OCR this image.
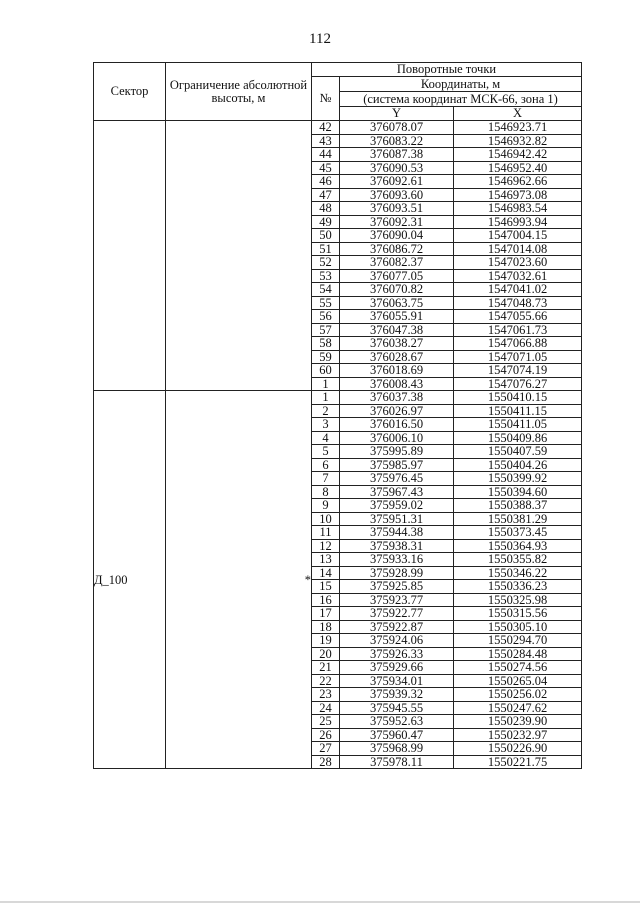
112
Сектор	Ограничение абсолютной высоты, м	Поворотные точки		
		№	Координаты, м	
			(система координат МСК-66, зона 1)	
			Y	X
		42	376078.07	1546923.71
		43	376083.22	1546932.82
		44	376087.38	1546942.42
		45	376090.53	1546952.40
		46	376092.61	1546962.66
		47	376093.60	1546973.08
		48	376093.51	1546983.54
		49	376092.31	1546993.94
		50	376090.04	1547004.15
		51	376086.72	1547014.08
		52	376082.37	1547023.60
		53	376077.05	1547032.61
		54	376070.82	1547041.02
		55	376063.75	1547048.73
		56	376055.91	1547055.66
		57	376047.38	1547061.73
		58	376038.27	1547066.88
		59	376028.67	1547071.05
		60	376018.69	1547074.19
		1	376008.43	1547076.27
Д_100	*	1	376037.38	1550410.15
		2	376026.97	1550411.15
		3	376016.50	1550411.05
		4	376006.10	1550409.86
		5	375995.89	1550407.59
		6	375985.97	1550404.26
		7	375976.45	1550399.92
		8	375967.43	1550394.60
		9	375959.02	1550388.37
		10	375951.31	1550381.29
		11	375944.38	1550373.45
		12	375938.31	1550364.93
		13	375933.16	1550355.82
		14	375928.99	1550346.22
		15	375925.85	1550336.23
		16	375923.77	1550325.98
		17	375922.77	1550315.56
		18	375922.87	1550305.10
		19	375924.06	1550294.70
		20	375926.33	1550284.48
		21	375929.66	1550274.56
		22	375934.01	1550265.04
		23	375939.32	1550256.02
		24	375945.55	1550247.62
		25	375952.63	1550239.90
		26	375960.47	1550232.97
		27	375968.99	1550226.90
		28	375978.11	1550221.75
